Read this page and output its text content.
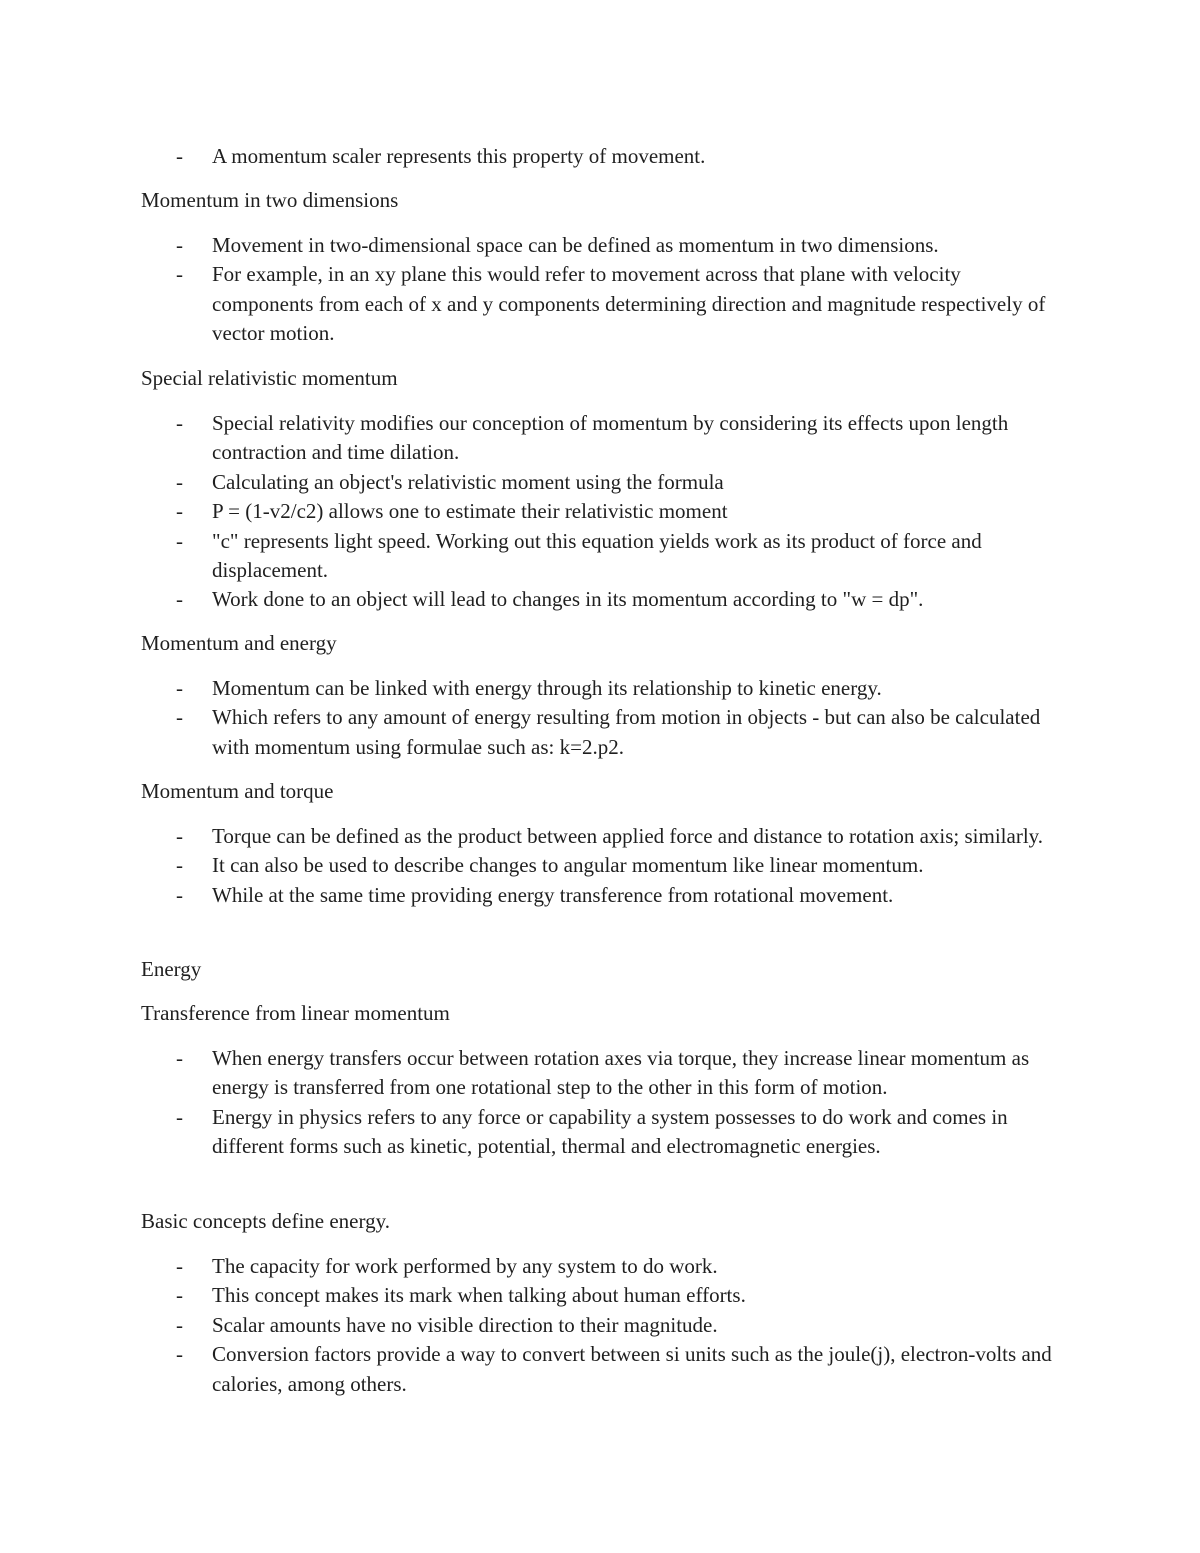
- A momentum scaler represents this property of movement.

Momentum in two dimensions

- Movement in two-dimensional space can be defined as momentum in two dimensions.
- For example, in an xy plane this would refer to movement across that plane with velocity components from each of x and y components determining direction and magnitude respectively of vector motion.

Special relativistic momentum

- Special relativity modifies our conception of momentum by considering its effects upon length contraction and time dilation.
- Calculating an object's relativistic moment using the formula
- P = (1-v2/c2) allows one to estimate their relativistic moment
- "c" represents light speed. Working out this equation yields work as its product of force and displacement.
- Work done to an object will lead to changes in its momentum according to "w = dp".

Momentum and energy

- Momentum can be linked with energy through its relationship to kinetic energy.
- Which refers to any amount of energy resulting from motion in objects - but can also be calculated with momentum using formulae such as: k=2.p2.

Momentum and torque

- Torque can be defined as the product between applied force and distance to rotation axis; similarly.
- It can also be used to describe changes to angular momentum like linear momentum.
- While at the same time providing energy transference from rotational movement.

Energy

Transference from linear momentum

- When energy transfers occur between rotation axes via torque, they increase linear momentum as energy is transferred from one rotational step to the other in this form of motion.
- Energy in physics refers to any force or capability a system possesses to do work and comes in different forms such as kinetic, potential, thermal and electromagnetic energies.

Basic concepts define energy.

- The capacity for work performed by any system to do work.
- This concept makes its mark when talking about human efforts.
- Scalar amounts have no visible direction to their magnitude.
- Conversion factors provide a way to convert between si units such as the joule(j), electron-volts and calories, among others.
